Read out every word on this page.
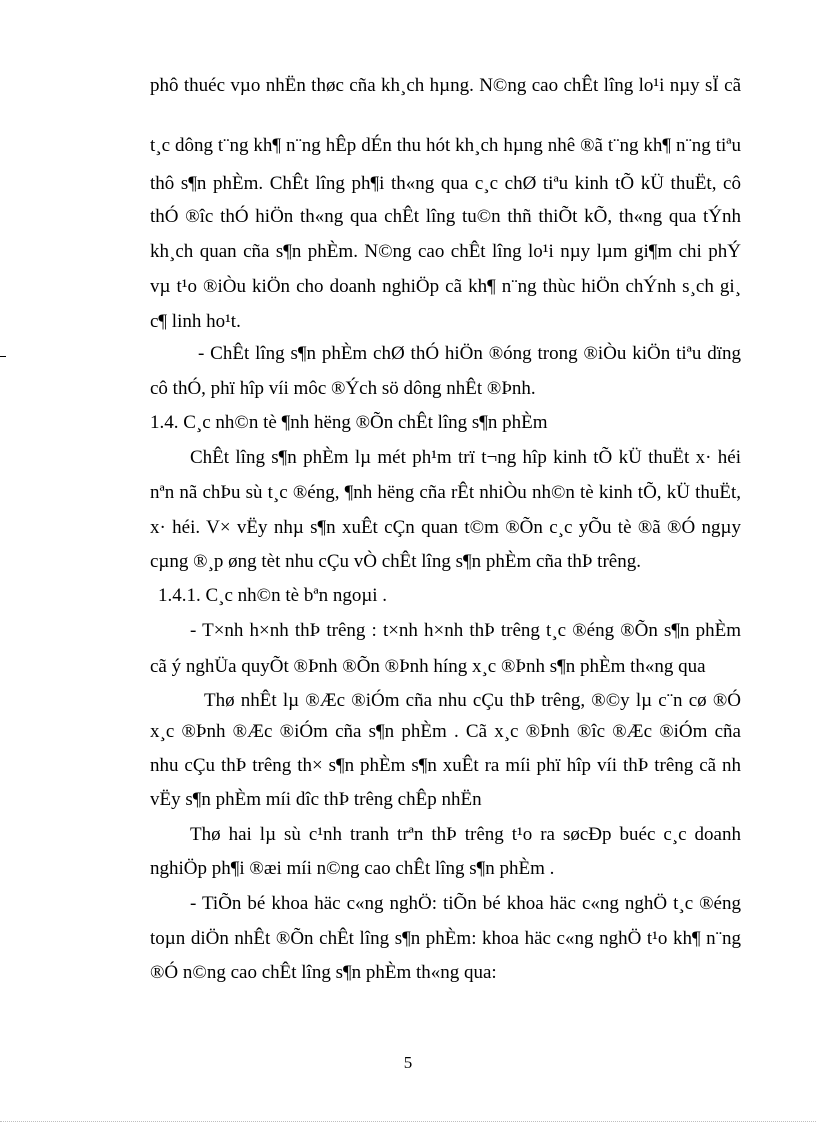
phô thuéc vµo nhËn thøc cña kh¸ch hµng. N©ng cao chÊt lîng lo¹i nµy sÏ cã
t¸c dông t¨ng kh¶ n¨ng hÊp dÉn thu hót kh¸ch hµng nhê ®ã t¨ng kh¶ n¨ng tiªu
thô s¶n phÈm. ChÊt lîng ph¶i th«ng qua c¸c chØ tiªu kinh tÕ kÜ thuËt, cô
thÓ ®îc thÓ hiÖn th«ng qua chÊt lîng tu©n thñ thiÕt kÕ, th«ng qua tÝnh
kh¸ch quan cña s¶n phÈm. N©ng cao chÊt lîng lo¹i nµy lµm gi¶m chi phÝ
vµ t¹o ®iÒu kiÖn cho doanh nghiÖp cã kh¶ n¨ng thùc hiÖn chÝnh s¸ch gi¸
c¶ linh ho¹t.
- ChÊt lîng s¶n phÈm chØ thÓ hiÖn ®óng trong ®iÒu kiÖn tiªu dïng
cô thÓ, phï hîp víi môc ®Ých sö dông nhÊt ®Þnh.
1.4. C¸c nh©n tè ¶nh hëng ®Õn chÊt lîng s¶n phÈm
ChÊt lîng s¶n phÈm lµ mét ph¹m trï t¬ng hîp kinh tÕ kÜ thuËt x· héi
nªn nã chÞu sù t¸c ®éng, ¶nh hëng cña rÊt nhiÒu nh©n tè kinh tÕ, kÜ thuËt,
x· héi. V× vËy nhµ s¶n xuÊt cÇn quan t©m ®Õn c¸c yÕu tè ®ã ®Ó ngµy
cµng ®¸p øng tèt nhu cÇu vÒ chÊt lîng s¶n phÈm cña thÞ trêng.
1.4.1. C¸c nh©n tè bªn ngoµi .
- T×nh h×nh thÞ trêng : t×nh h×nh thÞ trêng t¸c ®éng ®Õn s¶n phÈm
cã ý nghÜa quyÕt ®Þnh ®Õn ®Þnh híng x¸c ®Þnh s¶n phÈm th«ng qua
Thø nhÊt lµ ®Æc ®iÓm cña nhu cÇu thÞ trêng, ®©y lµ c¨n cø ®Ó
x¸c ®Þnh ®Æc ®iÓm cña s¶n phÈm . Cã x¸c ®Þnh ®îc ®Æc ®iÓm cña
nhu cÇu thÞ trêng th× s¶n phÈm s¶n xuÊt ra míi phï hîp víi thÞ trêng cã nh
vËy s¶n phÈm míi dîc thÞ trêng chÊp nhËn
Thø hai lµ sù c¹nh tranh trªn thÞ trêng t¹o ra søcÐp buéc c¸c doanh
nghiÖp ph¶i ®æi míi n©ng cao chÊt lîng s¶n phÈm .
- TiÕn bé khoa häc c«ng nghÖ: tiÕn bé khoa häc c«ng nghÖ t¸c ®éng
toµn diÖn nhÊt ®Õn chÊt lîng s¶n phÈm: khoa häc c«ng nghÖ t¹o kh¶ n¨ng
®Ó n©ng cao chÊt lîng s¶n phÈm th«ng qua:
5
